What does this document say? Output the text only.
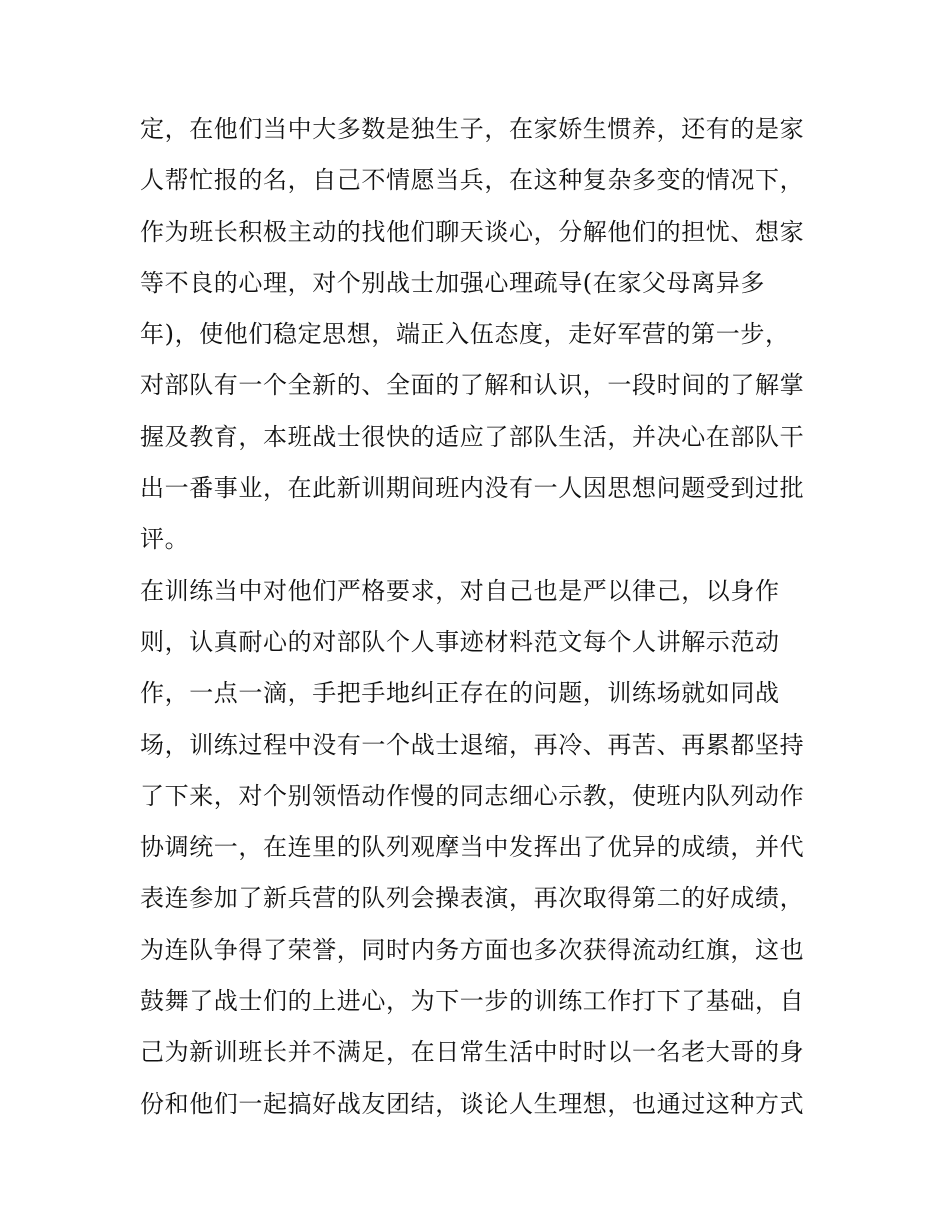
定，在他们当中大多数是独生子，在家娇生惯养，还有的是家
人帮忙报的名，自己不情愿当兵，在这种复杂多变的情况下，
作为班长积极主动的找他们聊天谈心，分解他们的担忧、想家
等不良的心理，对个别战士加强心理疏导(在家父母离异多
年)，使他们稳定思想，端正入伍态度，走好军营的第一步，
对部队有一个全新的、全面的了解和认识，一段时间的了解掌
握及教育，本班战士很快的适应了部队生活，并决心在部队干
出一番事业，在此新训期间班内没有一人因思想问题受到过批
评。
在训练当中对他们严格要求，对自己也是严以律己，以身作
则，认真耐心的对部队个人事迹材料范文每个人讲解示范动
作，一点一滴，手把手地纠正存在的问题，训练场就如同战
场，训练过程中没有一个战士退缩，再冷、再苦、再累都坚持
了下来，对个别领悟动作慢的同志细心示教，使班内队列动作
协调统一，在连里的队列观摩当中发挥出了优异的成绩，并代
表连参加了新兵营的队列会操表演，再次取得第二的好成绩，
为连队争得了荣誉，同时内务方面也多次获得流动红旗，这也
鼓舞了战士们的上进心，为下一步的训练工作打下了基础，自
己为新训班长并不满足，在日常生活中时时以一名老大哥的身
份和他们一起搞好战友团结，谈论人生理想，也通过这种方式
